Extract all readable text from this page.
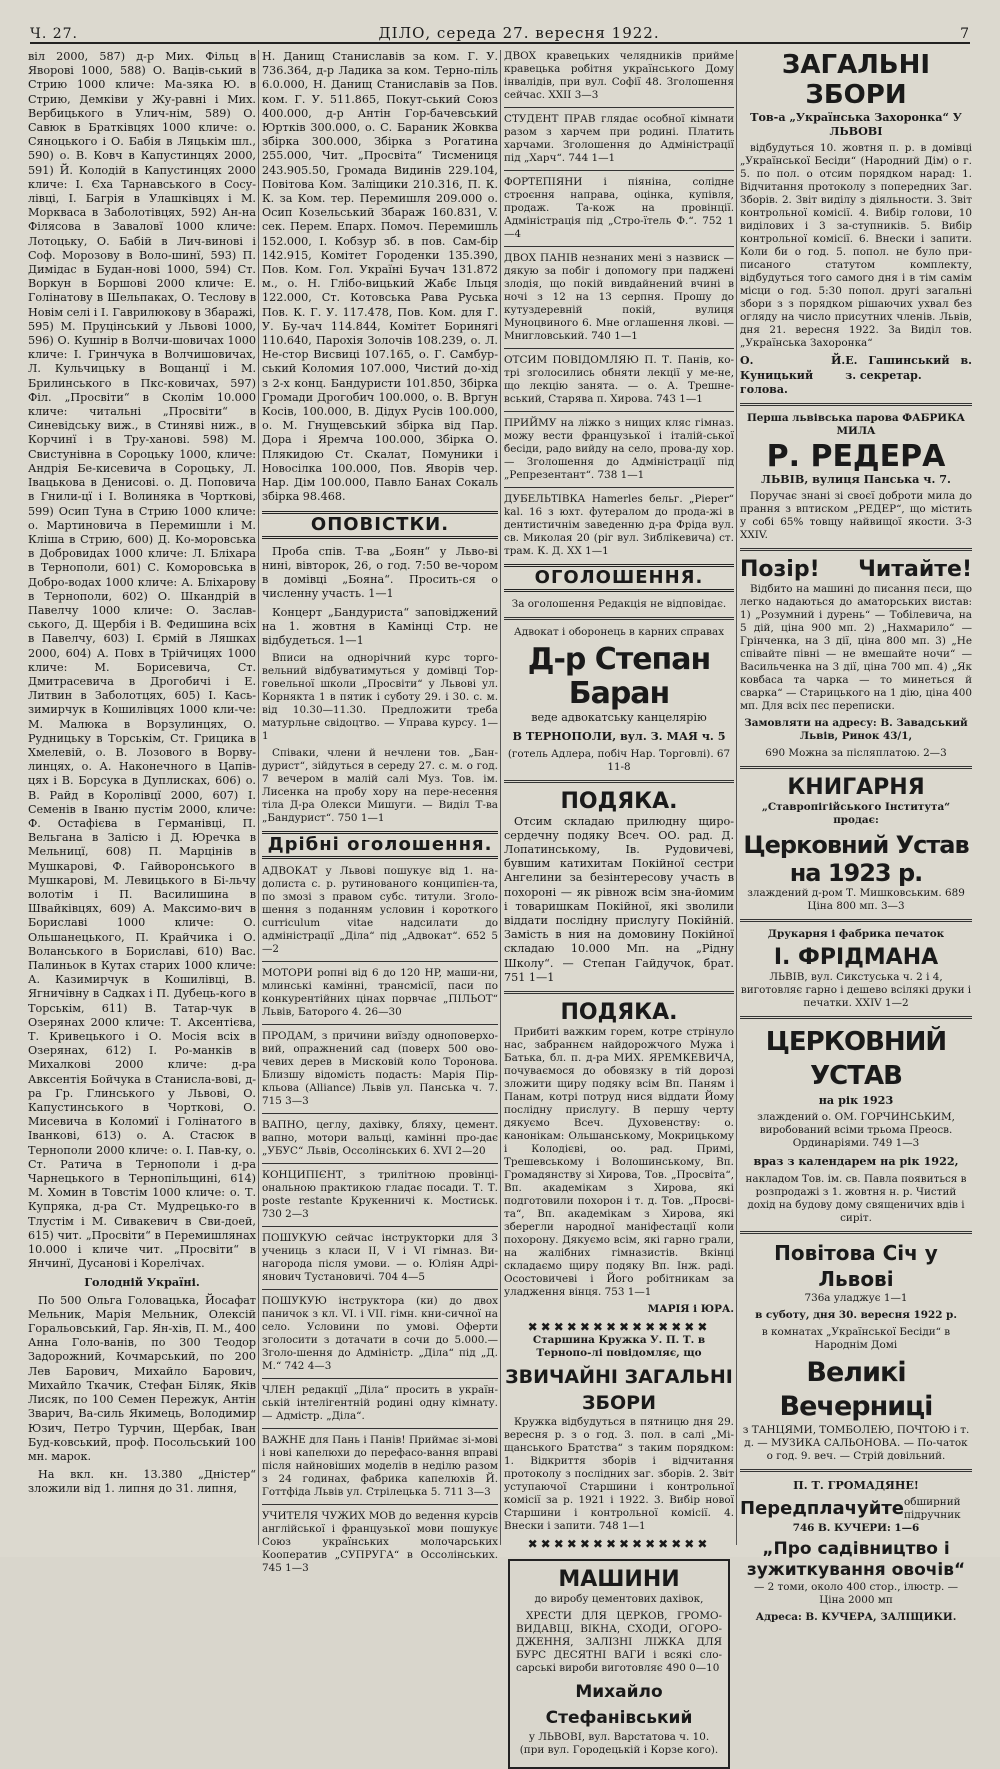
Ч. 27.	ДІЛО, середа 27. вересня 1922.	7

віл 2000, 587) д-р Мих. Фільц в Яворові 1000, 588) О. Ваців-ський в Стрию 1000 кличе: Ма-зяка Ю. в Стрию, Демківи у Жу-равні і Мих. Вербицького в Улич-нім, 589) О. Савюк в Братківцях 1000 кличе: о. Сяноцького і О. Бабія в Ляцькім шл., 590) о. В. Ковч в Капустинцях 2000, 591) Й. Колодій в Капустинцях 2000 кличе: І. Єха Тарнавського в Сосу-лівці, І. Багрія в Улашківцях і М. Моркваса в Заболотівцях, 592) Ан-на Філясова в Заваловї 1000 кличе: Лотоцьку, О. Бабій в Лич-винові і Соф. Морозову в Воло-шинї, 593) П. Димідас в Будан-нові 1000, 594) Ст. Воркун в Боршові 2000 кличе: Е. Голінатову в Шельпаках, О. Теслову в Новім селі і І. Гаврилюкову в Збаражі, 595) М. Пруцінський у Львові 1000, 596) О. Кушнір в Волчи-шовичах 1000 кличе: І. Гринчука в Волчишовичах, Л. Кульчицьку в Вощанцї і М. Брилинського в Пкс-ковичах, 597) Філ. „Просвіти“ в Сколім 10.000 кличе: читальні „Просвіти“ в Синевідську виж., в Стиняві ниж., в Корчинї і в Тру-ханові. 598) М. Свистунівна в Сороцьку 1000, кличе: Андрія Бе-кисевича в Сороцьку, Л. Івацькова в Денисові. о. Д. Поповича в Гнили-цї і І. Волиняка в Чорткові, 599) Осип Туна в Стрию 1000 кличе: о. Мартиновича в Перемишли і М. Кліша в Стрию, 600) Д. Ко-моровська в Добровидах 1000 кличе: Л. Бліхара в Тернополи, 601) С. Коморовська в Добро-водах 1000 кличе: А. Бліхарову в Тернополи, 602) О. Шкандрій в Павелчу 1000 кличе: О. Заслав-ського, Д. Щербія і В. Федишина всіх в Павелчу, 603) І. Єрмій в Ляшках 2000, 604) А. Повх в Трійчицях 1000 кличе: М. Борисевича, Ст. Дмитрасевича в Дрогобичі і Е. Литвин в Заболотцях, 605) І. Кась-зимирчук в Кошилівцях 1000 кли-че: М. Малюка в Ворзулинцях, О. Рудницьку в Торськім, Ст. Грицика в Хмелевій, о. В. Лозового в Ворву-линцях, о. А. Наконечного в Цапів-цях і В. Борсука в Дуплисках, 606) о. В. Райд в Королівцї 2000, 607) І. Семенів в Іваню пустім 2000, кличе: Ф. Остафієва в Германівці, П. Вельгана в Залісю і Д. Юречка в Мельницї, 608) П. Марцінів в Мушкарові, Ф. Гайворонського в Мушкарові, М. Левицького в Бі-льчу волотім і П. Василишина в Швайківцях, 609) А. Максимо-вич в Бориславі 1000 кличе: О. Ольшанецького, П. Крайчика і О. Воланського в Бориславі, 610) Вас. Палиньок в Кутах старих 1000 кличе: А. Казимирчук в Кошилівці, В. Ягничівну в Садках і П. Дубець-кого в Торськім, 611) В. Татар-чук в Озерянах 2000 кличе: Т. Аксентієва, Т. Кривецького і О. Мосія всіх в Озерянах, 612) І. Ро-манків в Михалкові 2000 кличе: д-ра Авксентія Бойчука в Станисла-вові, д-ра Гр. Глинського у Львові, О. Капустинського в Чорткові, О. Мисевича в Коломиї і Голінатого в Іванкові, 613) о. А. Стасюк в Тернополи 2000 кличе: о. І. Пав-ку, о. Ст. Ратича в Тернополи і д-ра Чарнецького в Тернопільщині, 614) М. Хомин в Товстім 1000 кличе: о. Т. Купряка, д-ра Ст. Мудрецько-го в Тлустім і М. Сивакевич в Сви-доей, 615) чит. „Просвіти“ в Перемишлянах 10.000 і кличе чит. „Просвіти“ в Янчинї, Дусанові і Корелічах.

Голодній Україні.

По 500 Ольга Головацька, Йосафат Мельник, Марія Мельник, Олексій Горальовський, Гар. Ян-хів, П. М., 400 Анна Голо-ванів, по 300 Теодор Задорожний, Кочмарський, по 200 Лев Барович, Михайло Барович, Михайло Ткачик, Стефан Біляк, Яків Лисяк, по 100 Семен Пережук, Антін Зварич, Ва-силь Якимець, Володимир Юзич, Петро Турчин, Щербак, Іван Буд-ковський, проф. Посольський 100 мн. марок.

На вкл. кн. 13.380 „Дністер“ зложили від 1. липня до 31. липня,

Н. Данищ Станиславів за ком. Г. У. 736.364, д-р Ладика за ком. Терно-піль 6.0.000, Н. Данищ Станиславів за Пов. ком. Г. У. 511.865, Покут-ський Союз 400.000, д-р Антін Гор-бачевський Юртків 300.000, о. С. Бараник Жовква збірка 300.000, Збірка з Рогатина 255.000, Чит. „Просвіта“ Тисмениця 243.905.50, Громада Видинів 229.104, Повітова Ком. Заліщики 210.316, П. К. К. за Ком. тер. Перемишля 209.000 о. Осип Козельський Збараж 160.831, V. сек. Перем. Епарх. Помоч. Перемишль 152.000, І. Кобзур зб. в пов. Сам-бір 142.915, Комітет Городенки 135.390, Пов. Ком. Гол. Україні Бучач 131.872 м., о. Н. Глібо-вицький Жабє Ільця 122.000, Ст. Котовська Рава Руська Пов. К. Г. У. 117.478, Пов. Ком. для Г. У. Бу-чач 114.844, Комітет Боринягі 110.640, Парохія Золочів 108.239, о. Л. Не-стор Висвиці 107.165, о. Г. Самбур-ський Коломия 107.000, Чистий до-хід з 2-х конц. Бандуристи 101.850, Збірка Громади Дрогобич 100.000, о. В. Вргун Косів, 100.000, В. Дідух Русів 100.000, о. М. Гнущевський збірка від Пар. Дора і Яремча 100.000, Збірка О. Плякидою Ст. Скалат, Помуники і Новосілка 100.000, Пов. Яворів чер. Нар. Дім 100.000, Павло Банах Сокаль збірка 98.468.

ОПОВІСТКИ.

Проба спів. Т-ва „Боян“ у Льво-ві нині, вівторок, 26, о год. 7:50 ве-чором в домівці „Бояна“. Просить-ся о численну участь. 1—1

Концерт „Бандуриста“ заповіджений на 1. жовтня в Камінці Стр. не відбудеться. 1—1

Вписи на однорічний курс торго-вельний відбуватимуться у домівці Тор-говельної школи „Просвіти“ у Львові ул. Корнякта 1 в пятик і суботу 29. і 30. с. м. від 10.30—11.30. Предложити треба матурльне свідоцтво. — Управа курсу. 1—1

Співаки, члени й нечлени тов. „Бан-дурист“, зійдуться в середу 27. с. м. о год. 7 вечером в малій салі Муз. Тов. ім. Лисенка на пробу хору на пере-несення тіла Д-ра Олекси Мишуги. — Виділ Т-ва „Бандурист“. 750 1—1

Дрібні оголошення.
АДВОКАТ у Львові пошукує від 1. на-долиста с. р. рутинованого конципієн-та, по змозі з правом субс. титули. Зголо-шення з поданням условин і короткого curriculum vitae надсилати до адміністрації „Діла“ під „Адвокат“. 652 5—2
МОТОРИ ропні від 6 до 120 HP, маши-ни, млинські камінні, трансмісії, паси по конкурентійних цінах порвчає „ПІЛЬОТ“ Львів, Баторого 4. 26—30
ПРОДАМ, з причини виїзду одноповерхо-вий, опражнений сад (поверх 500 ово-чевих дерев в Мисковій коло Торонова. Близшу відомість подасть: Марія Пір-кльова (Alliance) Львів ул. Панська ч. 7. 715 3—3
ВАПНО, цеглу, дахівку, бляху, цемент. вапно, мотори вальці, камінні про-дає „УБУС“ Львів, Оссолінських 6. XVI 2—20
КОНЦИПІЄНТ, з трилітною провінці-ональною практикою гладає посади. Т. Т. poste restante Крукенничі к. Мостиськ. 730 2—3
ПОШУКУЮ сейчас інструкторки для 3 учениць з класи II, V і VI гімназ. Ви-нагорода після умови. — о. Юліян Адрі-янович Тустановичі. 704 4—5
ПОШУКУЮ інструктора (ки) до двох паничок з кл. VI. і VII. гімн. кни-сичної на село. Условини по умові. Оферти зголосити з дотачати в сочи до 5.000.— Зголо-шення до Адміністр. „Діла“ під „Д. М.“ 742 4—3
ЧЛЕН редакції „Діла“ просить в україн-ській інтелігентній родині одну кімнату. — Адмістр. „Діла“.
ВАЖНЕ для Пань і Панів! Приймає зі-мові і нові капелюхи до перефасо-вання вправі після найновіших моделів в неділю разом з 24 годинах, фабрика капелюхів Й. Готтфіда Львів ул. Стрілецька 5. 711 3—3
УЧИТЕЛЯ ЧУЖИХ МОВ до ведення курсів англійської і французької мови пошукує Союз українських молочарських Кооператив „СУПРУГА“ в Оссолінських. 745 1—3
ДВОХ кравецьких челядників прийме кравецька робітня українського Дому інвалідів, при вул. Софії 48. Зголошення сейчас. XXII 3—3
СТУДЕНТ ПРАВ глядає особної кімнати разом з харчем при родині. Платить харчами. Зголошення до Адміністрації під „Харч“. 744 1—1
ФОРТЕПІЯНИ і піяніна, солідне строєння направа, оцінка, купівля, продаж. Та-кож на провінції. Адміністрація під „Стро-їтель Ф.“. 752 1—4
ДВОХ ПАНІВ незнаних мені з назвиск — дякую за побіг і допомогу при паджені злодія, що покій вивдайнений вчині в ночі з 12 на 13 серпня. Прошу до кутуздеревній покій, вулиця Муноцвиного 6. Мне оглашення лкові. — Мнигловський. 740 1—1
ОТСИМ ПОВІДОМЛЯЮ П. Т. Панів, ко-трі зголосились обняти лекції у ме-не, що лекцію занята. — о. А. Трешне-вський, Старява п. Хирова. 743 1—1
ПРИЙМУ на ліжко з нищих кляс гімназ. можу вести французької і італій-ської бесіди, радо вийду на село, прова-ду хор. — Зголошення до Адміністрації під „Репрезентант“. 738 1—1
ДУБЕЛЬТІВКА Hamerles бельг. „Pieper“ kal. 16 з юхт. футералом до прода-жі в дентистичнім заведенню д-ра Фріда вул. св. Миколая 20 (ріг вул. Зиблікевича) ст. трам. К. Д. XX 1—1
ОГОЛОШЕННЯ.

За оголошення Редакція не відповідає.

Адвокат і оборонець в карних справах

Д-р Степан Баран

веде адвокатську канцелярію

В ТЕРНОПОЛИ, вул. З. МАЯ ч. 5

(готель Адлера, побіч Нар. Торговлі). 67 11-8

ПОДЯКА.

Отсим складаю прилюдну щиро-сердечну подяку Всеч. ОО. рад. Д. Лопатинському, Ів. Рудовичеві, бувшим катихитам Покійної сестри Ангелини за безінтересову участь в похороні — як рівнож всім зна-йомим і товаришкам Покійної, які зволили віддати послідну прислугу Покійній. Замість в ния на домовину Покійної складаю 10.000 Мп. на „Рідну Школу“. — Степан Гайдучок, брат. 751 1—1

ПОДЯКА.

Прибиті важким горем, котре стрінуло нас, забраннєм найдорожчого Мужа і Батька, бл. п. д-ра МИХ. ЯРЕМКЕВИЧА, почуваємося до обовязку в тій дорозі зложити щиру подяку всім Вп. Паням і Панам, котрі потруд нися віддати Йому послідну прислугу. В першу черту дякуємо Всеч. Духовенству: о. канонікам: Ольшанському, Мокрицькому і Колодієві, оо. рад. Примі, Трешевському і Волошинському, Вп. Громадянству зі Хирова, Тов. „Просвіта“, Вп. академікам з Хирова, які подготовили похорон і т. д. Тов. „Просві-та“, Вп. академікам з Хирова, які зберегли народної маніфестації коли похорону. Дякуємо всім, які гарно грали, на жалібних гімназистів. Вкінці складаємо щиру подяку Вп. Інж. раді. Осостовичеві і Його робітникам за уладження вінця. 753 1—1

МАРІЯ і ЮРА.

✖✖✖✖✖✖✖✖✖✖✖✖✖✖

Старшина Кружка У. П. Т. в Тернопо-лі повідомляє, що

ЗВИЧАЙНІ ЗАГАЛЬНІ ЗБОРИ

Кружка відбудуться в пятницю дня 29. вересня р. з о год. 3. пол. в салі „Мі-щанського Братства“ з таким порядком: 1. Відкриття зборів і відчитання протоколу з послідних заг. зборів. 2. Звіт уступаючої Старшини і контрольної комісії за р. 1921 і 1922. 3. Вибір нової Старшини і контрольної комісії. 4. Внески і запити. 748 1—1

✖✖✖✖✖✖✖✖✖✖✖✖✖✖
МАШИНИ

до виробу цементових дахівок,

ХРЕСТИ ДЛЯ ЦЕРКОВ, ГРОМО-ВИДАВЦІ, ВІКНА, СХОДИ, ОГОРО-ДЖЕННЯ, ЗАЛІЗНІ ЛІЖКА ДЛЯ БУРС ДЕСЯТНІ ВАГИ і всякі сло-сарські вироби виготовляє 490 0—10

Михайло Стефанівський

у ЛЬВОВІ, вул. Варстатова ч. 10. (при вул. Городецькій і Корзе кого).

ЗАГАЛЬНІ ЗБОРИ

Тов-а „Українська Захоронка“ У ЛЬВОВІ

відбудуться 10. жовтня п. р. в домівці „Української Бесіди“ (Народний Дім) о г. 5. по пол. о отсим порядком нарад: 1. Відчитання протоколу з попередних Заг. Зборів. 2. Звіт виділу з діяльности. 3. Звіт контрольної комісії. 4. Вибір голови, 10 виділових і 3 за-ступників. 5. Вибір контрольної комісії. 6. Внески і запити. Коли би о год. 5. попол. не було при-писаного статутом комплекту, відбудуться того самого дня і в тім самім місци о год. 5:30 попол. другі загальні збори з з порядком рішаючих ухвал без огляду на число присутних членів. Львів, дня 21. вересня 1922. За Виділ тов. „Українська Захоронка“

О. Й. Куницький голова.
Е. Гашинський в. з. секретар.

Перша львівська парова ФАБРИКА МИЛА

Р. РЕДЕРА

ЛЬВІВ, вулиця Панська ч. 7.

Поручає знані зі своєї доброти мила до прання з вптиском „РЕДЕР“, що містить у собі 65% товщу найвищої якости. 3-3 XXIV.

Позір! Читайте!

Відбито на машині до писання пєси, що легко надаються до аматорських вистав: 1) „Розумний і дурень“ — Тобілевича, на 5 дій, ціна 900 мп. 2) „Нахмарило“ — Грінченка, на 3 дії, ціна 800 мп. 3) „Не співайте півні — не вмешайте ночи“ — Васильченка на 3 дії, ціна 700 мп. 4) „Як ковбаса та чарка — то минеться й сварка“ — Старицького на 1 дію, ціна 400 мп. Для всіх пєс переписки.

Замовляти на адресу: В. Завадський Львів, Ринок 43/1,

690 Можна за післяплатою. 2—3

КНИГАРНЯ

„Ставропігійського Інститута“ продає:

Церковний Устав на 1923 р.

злаждений д-ром Т. Мишковським. 689 Ціна 800 мп. 3—3

Друкарня і фабрика печаток

І. ФРІДМАНА

ЛЬВІВ, вул. Сикстуська ч. 2 і 4, виготовляє гарно і дешево всілякі друки і печатки. XXIV 1—2

ЦЕРКОВНИЙ УСТАВ

на рік 1923

злаждений о. ОМ. ГОРЧИНСЬКИМ, виробований всіми трьома Преосв. Ординаріями. 749 1—3

враз з календарем на рік 1922,

накладом Тов. ім. св. Павла появиться в розпродажі з 1. жовтня н. р. Чистий дохід на будову дому священичих вдів і сиріт.

Повітова Січ у Львові

736а уладжує 1—1

в суботу, дня 30. вересня 1922 р.

в комнатах „Української Бесіди“ в Народнім Домі

Великі Вечерниці

з ТАНЦЯМИ, ТОМБОЛЕЮ, ПОЧТОЮ і т. д. — МУЗИКА САЛЬОНОВА. — По-чаток о год. 9. веч. — Стрій довільний.

П. Т. ГРОМАДЯНЕ!

Передплачуйте обширний підручник

746 В. КУЧЕРИ: 1—6

„Про садівництво і зужиткування овочів“

— 2 томи, около 400 стор., ілюстр. — Ціна 2000 мп

Адреса: В. КУЧЕРА, ЗАЛІЩИКИ.
